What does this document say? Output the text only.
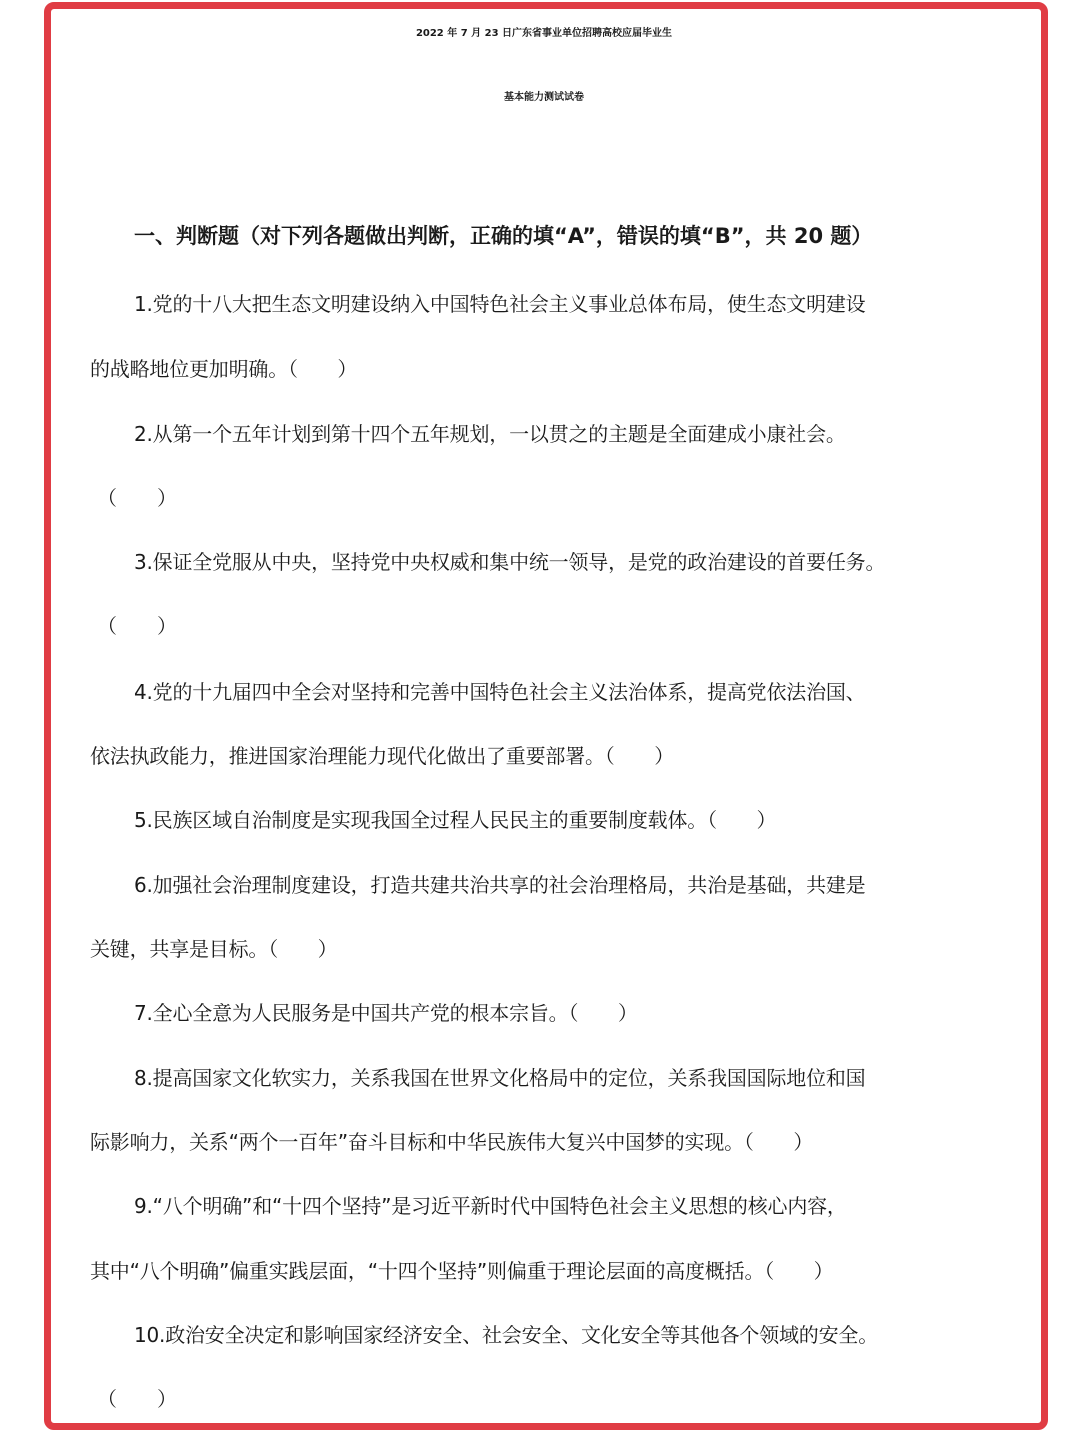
2022 年 7 月 23 日广东省事业单位招聘高校应届毕业生
基本能力测试试卷
一、判断题（对下列各题做出判断，正确的填“A”，错误的填“B”，共 20 题）
1.党的十八大把生态文明建设纳入中国特色社会主义事业总体布局，使生态文明建设
的战略地位更加明确。（　　）
2.从第一个五年计划到第十四个五年规划，一以贯之的主题是全面建成小康社会。
（　　）
3.保证全党服从中央，坚持党中央权威和集中统一领导，是党的政治建设的首要任务。
（　　）
4.党的十九届四中全会对坚持和完善中国特色社会主义法治体系，提高党依法治国、
依法执政能力，推进国家治理能力现代化做出了重要部署。（　　）
5.民族区域自治制度是实现我国全过程人民民主的重要制度载体。（　　）
6.加强社会治理制度建设，打造共建共治共享的社会治理格局，共治是基础，共建是
关键，共享是目标。（　　）
7.全心全意为人民服务是中国共产党的根本宗旨。（　　）
8.提高国家文化软实力，关系我国在世界文化格局中的定位，关系我国国际地位和国
际影响力，关系“两个一百年”奋斗目标和中华民族伟大复兴中国梦的实现。（　　）
9.“八个明确”和“十四个坚持”是习近平新时代中国特色社会主义思想的核心内容，
其中“八个明确”偏重实践层面，“十四个坚持”则偏重于理论层面的高度概括。（　　）
10.政治安全决定和影响国家经济安全、社会安全、文化安全等其他各个领域的安全。
（　　）
